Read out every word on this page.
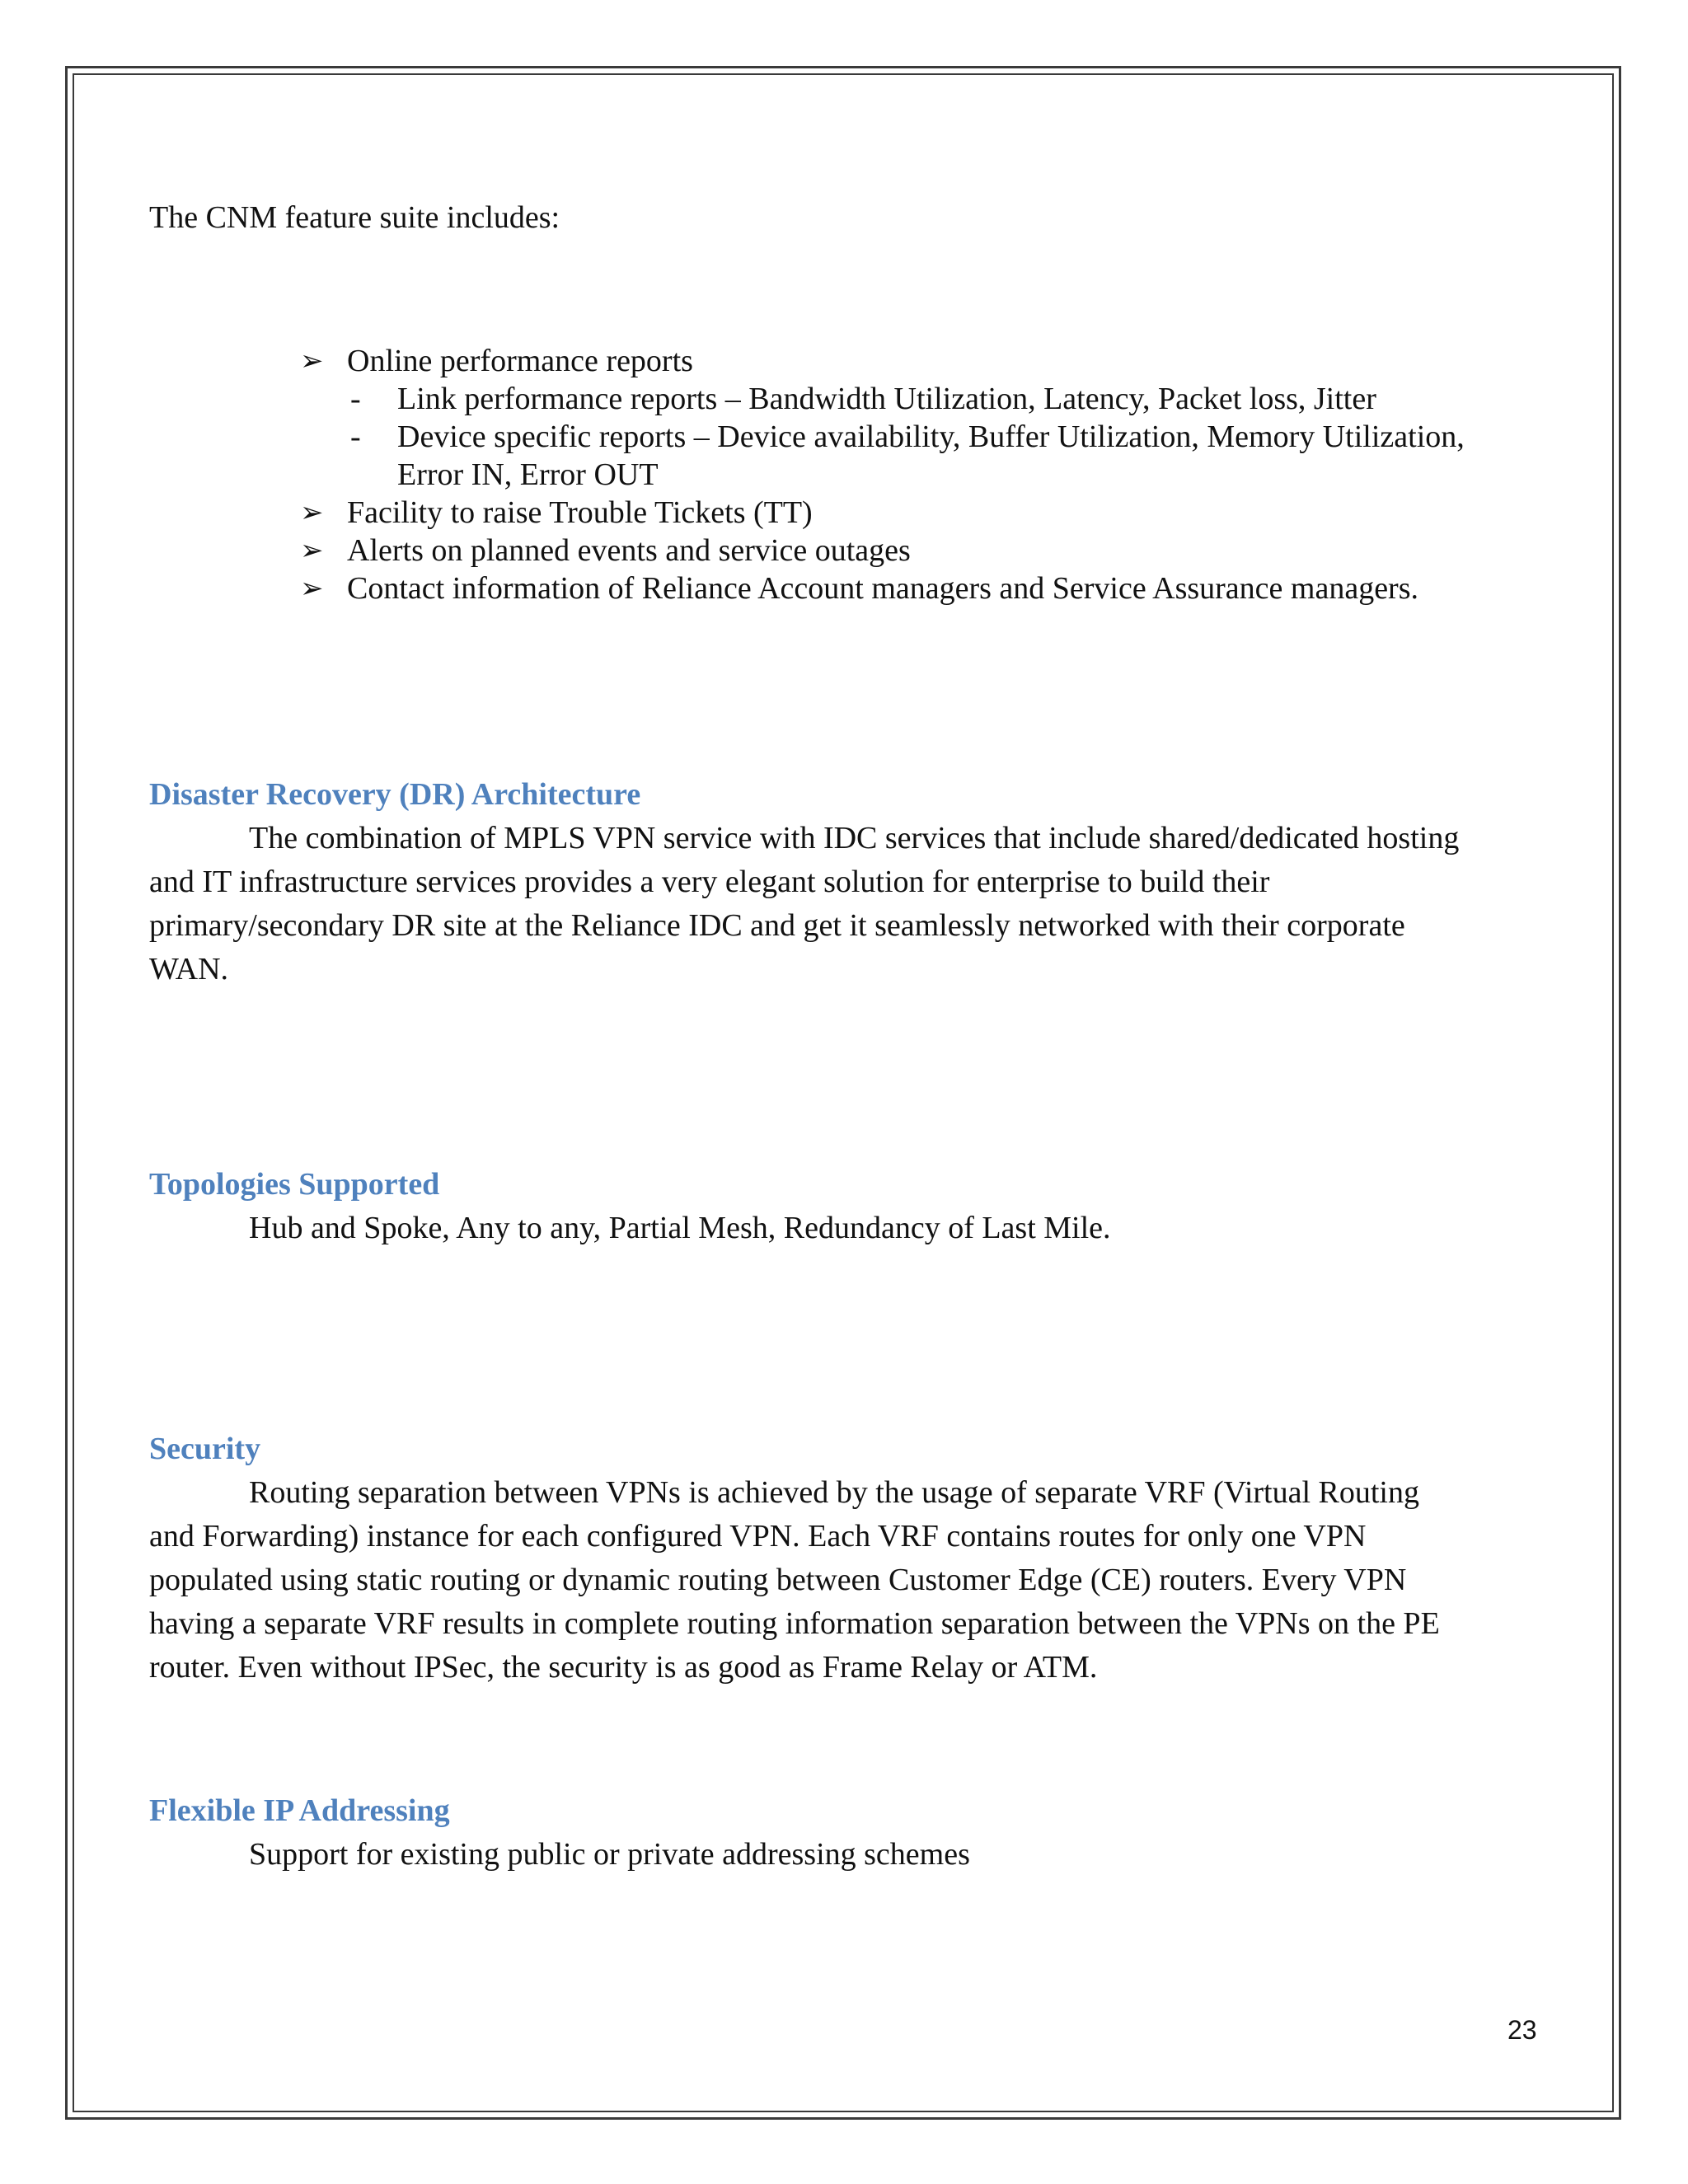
The CNM feature suite includes:
➢ Online performance reports
- Link performance reports – Bandwidth Utilization, Latency, Packet loss, Jitter
- Device specific reports – Device availability, Buffer Utilization, Memory Utilization,
Error IN, Error OUT
➢ Facility to raise Trouble Tickets (TT)
➢ Alerts on planned events and service outages
➢ Contact information of Reliance Account managers and Service Assurance managers.
Disaster Recovery (DR) Architecture
The combination of MPLS VPN service with IDC services that include shared/dedicated hosting
and IT infrastructure services provides a very elegant solution for enterprise to build their
primary/secondary DR site at the Reliance IDC and get it seamlessly networked with their corporate
WAN.
Topologies Supported
Hub and Spoke, Any to any, Partial Mesh, Redundancy of Last Mile.
Security
Routing separation between VPNs is achieved by the usage of separate VRF (Virtual Routing
and Forwarding) instance for each configured VPN. Each VRF contains routes for only one VPN
populated using static routing or dynamic routing between Customer Edge (CE) routers. Every VPN
having a separate VRF results in complete routing information separation between the VPNs on the PE
router. Even without IPSec, the security is as good as Frame Relay or ATM.
Flexible IP Addressing
Support for existing public or private addressing schemes
23
